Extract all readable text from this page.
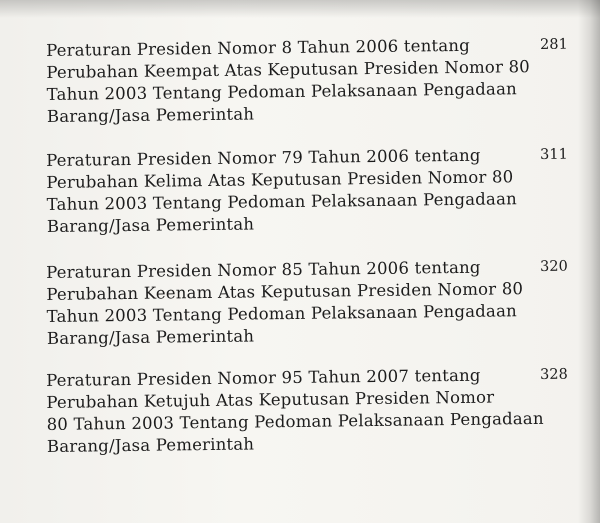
Peraturan Presiden Nomor 8 Tahun 2006 tentang
Perubahan Keempat Atas Keputusan Presiden Nomor 80
Tahun 2003 Tentang Pedoman Pelaksanaan Pengadaan
Barang/Jasa Pemerintah
281
Peraturan Presiden Nomor 79 Tahun 2006 tentang
Perubahan Kelima Atas Keputusan Presiden Nomor 80
Tahun 2003 Tentang Pedoman Pelaksanaan Pengadaan
Barang/Jasa Pemerintah
311
Peraturan Presiden Nomor 85 Tahun 2006 tentang
Perubahan Keenam Atas Keputusan Presiden Nomor 80
Tahun 2003 Tentang Pedoman Pelaksanaan Pengadaan
Barang/Jasa Pemerintah
320
Peraturan Presiden Nomor 95 Tahun 2007 tentang
Perubahan Ketujuh Atas Keputusan Presiden Nomor
80 Tahun 2003 Tentang Pedoman Pelaksanaan Pengadaan
Barang/Jasa Pemerintah
328
